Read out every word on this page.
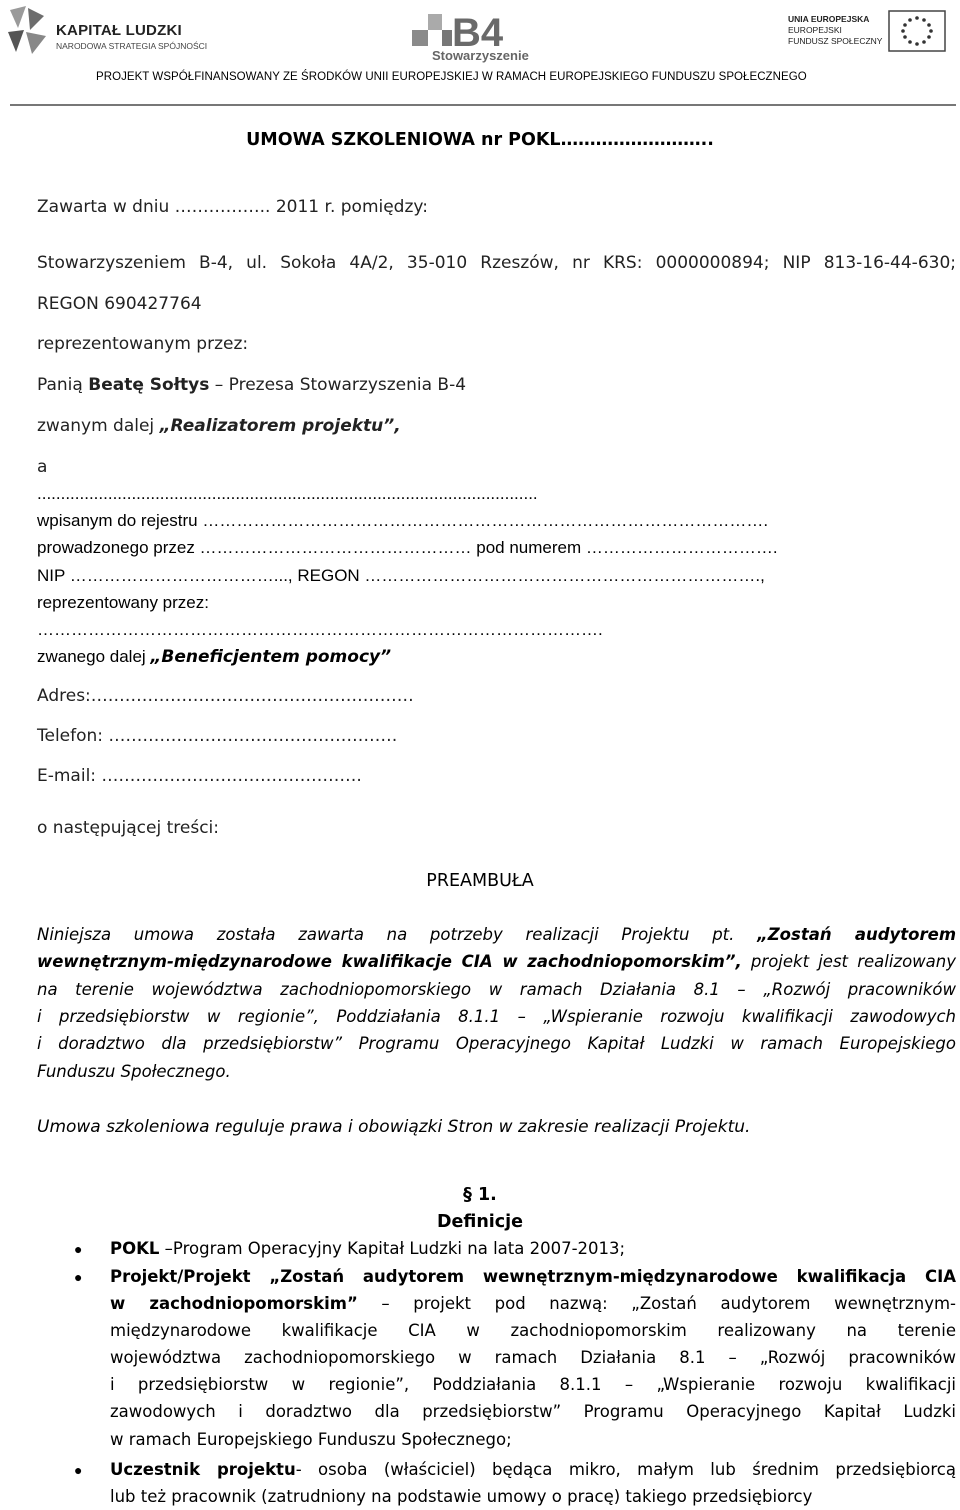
KAPITAŁ LUDZKI
NARODOWA STRATEGIA SPÓJNOŚCI	B4
Stowarzyszenie
UNIA EUROPEJSKA
EUROPEJSKI
FUNDUSZ SPOŁECZNY
PROJEKT WSPÓŁFINANSOWANY ZE ŚRODKÓW UNII EUROPEJSKIEJ W RAMACH EUROPEJSKIEGO FUNDUSZU SPOŁECZNEGO
UMOWA SZKOLENIOWA nr POKL……………………..
Zawarta w dniu …………….. 2011 r. pomiędzy:
Stowarzyszeniem B-4, ul. Sokoła 4A/2, 35-010 Rzeszów, nr KRS: 0000000894; NIP 813-16-44-630;
REGON 690427764
reprezentowanym przez:
Panią Beatę Sołtys – Prezesa Stowarzyszenia B-4
zwanym dalej „Realizatorem projektu”,
a
..........................................................................................................
wpisanym do rejestru ……………………………………………………………………………………….
prowadzonego przez ………………………………………… pod numerem …………………………….
NIP ………………………………..., REGON …………………………………………………………….,
reprezentowany przez:
……………………………………………………………………………………….
zwanego dalej „Beneficjentem pomocy”
Adres:…………………………………………………
Telefon: ……………………………………………
E-mail: ……………………………………….
o następującej treści:
PREAMBUŁA
Niniejsza umowa została zawarta na potrzeby realizacji Projektu pt. „Zostań audytorem
wewnętrznym-międzynarodowe kwalifikacje CIA w zachodniopomorskim”, projekt jest realizowany
na terenie województwa zachodniopomorskiego w ramach Działania 8.1 – „Rozwój pracowników
i przedsiębiorstw w regionie”, Poddziałania 8.1.1 – „Wspieranie rozwoju kwalifikacji zawodowych
i doradztwo dla przedsiębiorstw” Programu Operacyjnego Kapitał Ludzki w ramach Europejskiego
Funduszu Społecznego.
Umowa szkoleniowa reguluje prawa i obowiązki Stron w zakresie realizacji Projektu.
§ 1.
Definicje
● POKL –Program Operacyjny Kapitał Ludzki na lata 2007-2013;
● Projekt/Projekt „Zostań audytorem wewnętrznym-międzynarodowe kwalifikacja CIA
w zachodniopomorskim” – projekt pod nazwą: „Zostań audytorem wewnętrznym-
międzynarodowe kwalifikacje CIA w zachodniopomorskim realizowany na terenie
województwa zachodniopomorskiego w ramach Działania 8.1 – „Rozwój pracowników
i przedsiębiorstw w regionie”, Poddziałania 8.1.1 – „Wspieranie rozwoju kwalifikacji
zawodowych i doradztwo dla przedsiębiorstw” Programu Operacyjnego Kapitał Ludzki
w ramach Europejskiego Funduszu Społecznego;
● Uczestnik projektu- osoba (właściciel) będąca mikro, małym lub średnim przedsiębiorcą
lub też pracownik (zatrudniony na podstawie umowy o pracę) takiego przedsiębiorcy
